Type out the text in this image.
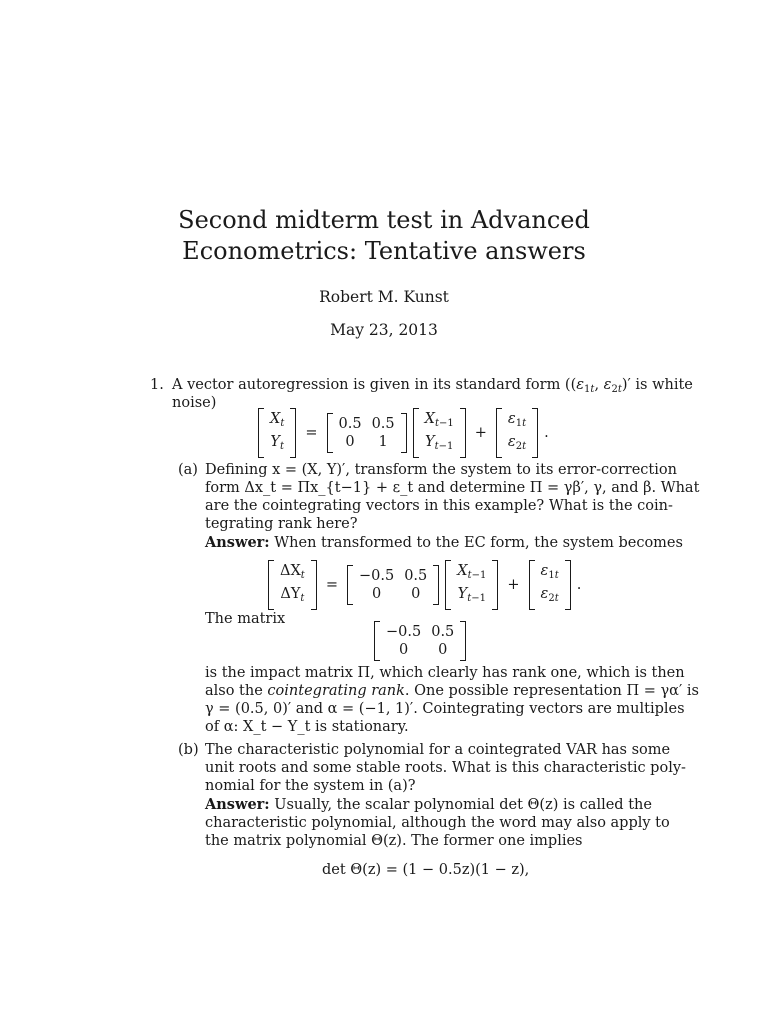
Second midterm test in Advanced
Econometrics: Tentative answers
Robert M. Kunst
May 23, 2013
1. A vector autoregression is given in its standard form (($\varepsilon_{1t}$, $\varepsilon_{2t})'$ is white
noise)
$X_t$
$Y_t$
=
0.5 0.5
0	1
$X_{t-1}$
$Y_{t-1}$
+
$\varepsilon_{1t}$
$\varepsilon_{2t}$
.
(a) Defining x = (X, Y)′, transform the system to its error-correction
form Δx_t = Πx_{t−1} + ε_t and determine Π = γβ′, γ, and β. What
are the cointegrating vectors in this example? What is the coin-
tegrating rank here?
Answer: When transformed to the EC form, the system becomes
$\Delta X_t$
$\Delta Y_t$
=
−0.5 0.5
0	0
$X_{t-1}$
$Y_{t-1}$
+
$\varepsilon_{1t}$
$\varepsilon_{2t}$
.
The matrix
−0.5 0.5
0	0
is the impact matrix Π, which clearly has rank one, which is then
also the cointegrating rank. One possible representation Π = γα′ is
γ = (0.5, 0)′ and α = (−1, 1)′. Cointegrating vectors are multiples
of α: X_t − Y_t is stationary.
(b) The characteristic polynomial for a cointegrated VAR has some
unit roots and some stable roots. What is this characteristic poly-
nomial for the system in (a)?
Answer: Usually, the scalar polynomial det Θ(z) is called the
characteristic polynomial, although the word may also apply to
the matrix polynomial Θ(z). The former one implies
det Θ(z) = (1 − 0.5z)(1 − z),
